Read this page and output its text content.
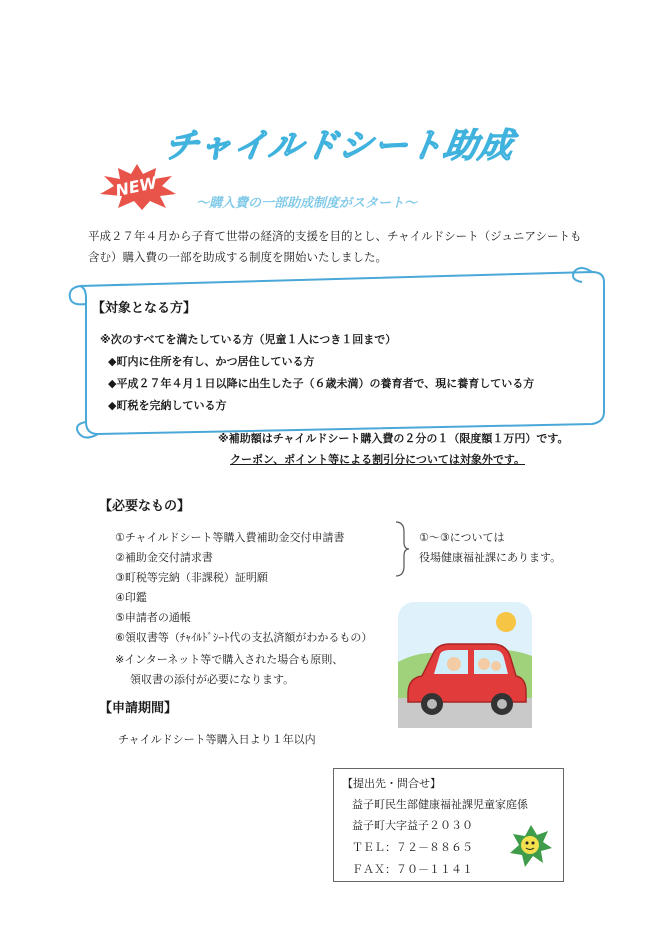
チャイルドシート助成
NEW
～購入費の一部助成制度がスタート～
平成２７年４月から子育て世帯の経済的支援を目的とし、チャイルドシート（ジュニアシートも含む）購入費の一部を助成する制度を開始いたしました。
【対象となる方】
※次のすべてを満たしている方（児童１人につき１回まで）
◆町内に住所を有し、かつ居住している方
◆平成２７年４月１日以降に出生した子（６歳未満）の養育者で、現に養育している方
◆町税を完納している方
※補助額はチャイルドシート購入費の２分の１（限度額１万円）です。
クーポン、ポイント等による割引分については対象外です。
【必要なもの】
①チャイルドシート等購入費補助金交付申請書
②補助金交付請求書
③町税等完納（非課税）証明願
④印鑑
⑤申請者の通帳
⑥領収書等（ﾁｬｲﾙﾄﾞｼｰﾄ代の支払済額がわかるもの）
※インターネット等で購入された場合も原則、
領収書の添付が必要になります。
①～③については
役場健康福祉課にあります。
【申請期間】
チャイルドシート等購入日より１年以内
【提出先・問合せ】
益子町民生部健康福祉課児童家庭係
益子町大字益子２０３０
ＴＥＬ：７２－８８６５
ＦＡＸ：７０－１１４１
